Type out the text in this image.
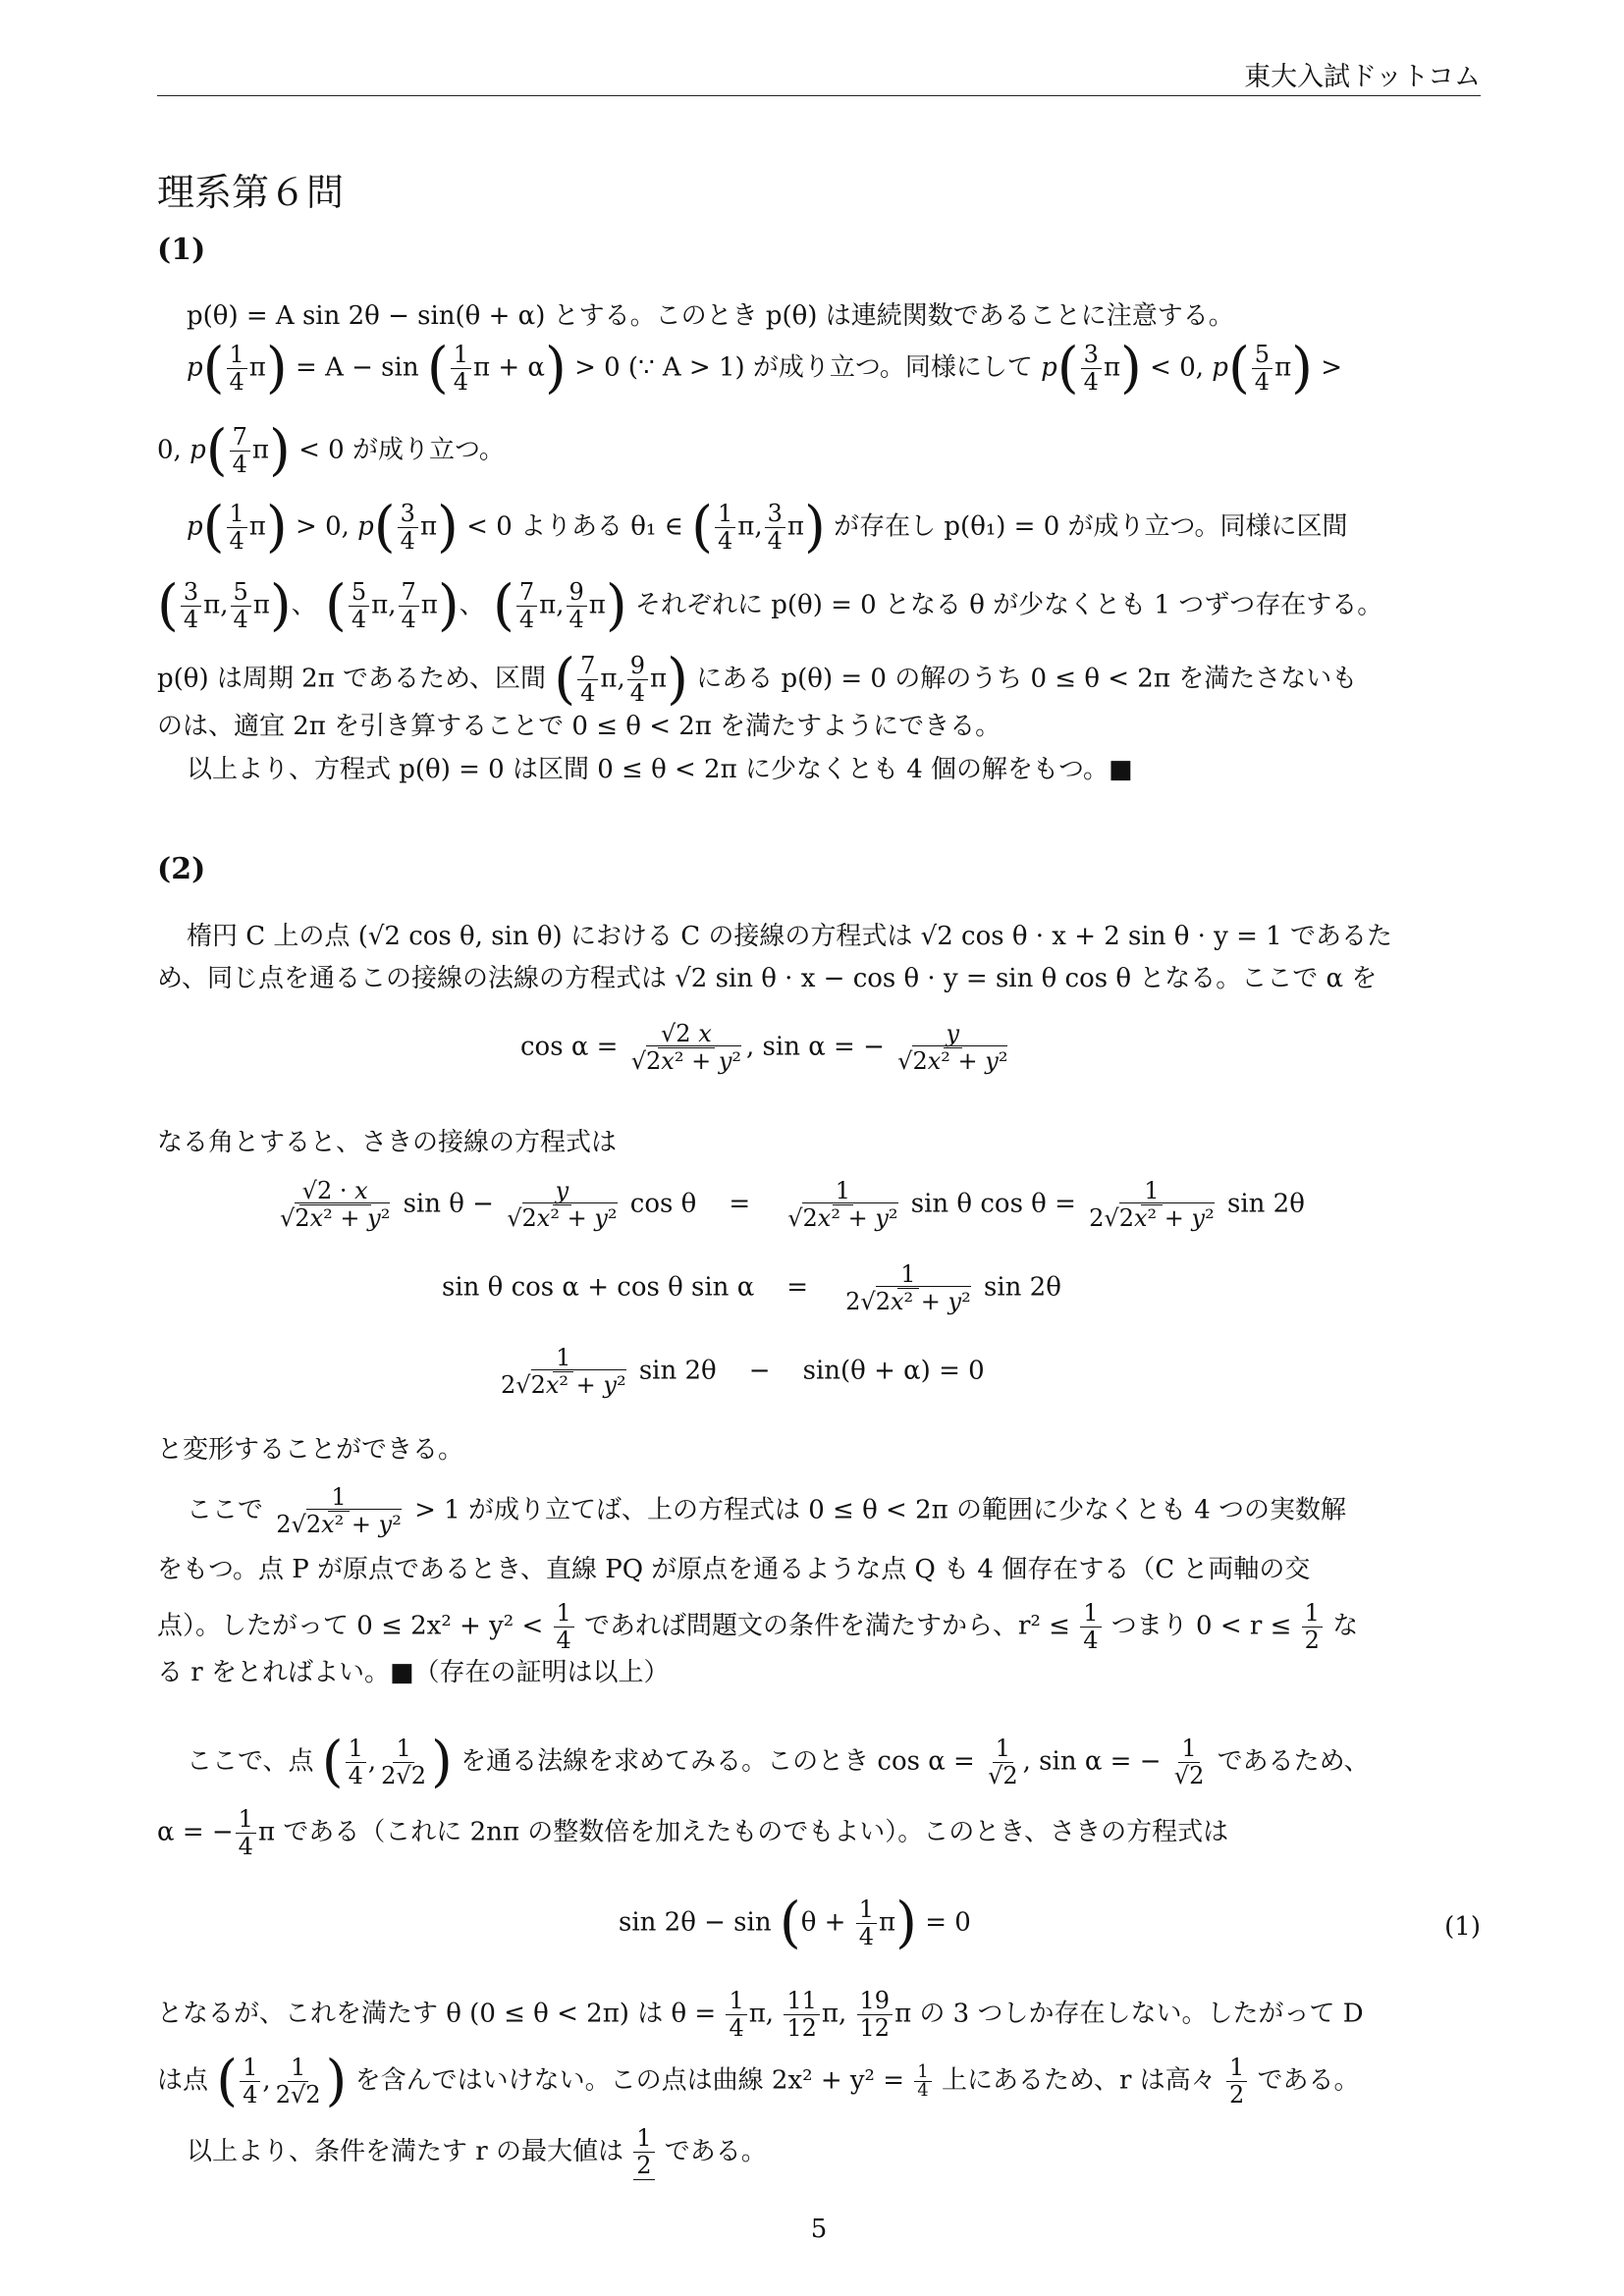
東大入試ドットコム
理系第６問
(1)
p(θ) = A sin 2θ − sin(θ + α) とする。このとき p(θ) は連続関数であることに注意する。
$p( \frac{1}{4} \pi) = A - \sin$ ( $\frac{1}{4}$ π + α) > 0 (∵ A > 1) が成り立つ。同様にして $p( \frac{3}{4} \pi) < 0$, $p( \frac{5}{4} \pi)$ >
0, $p( \frac{7}{4} \pi) < 0$ が成り立つ。
$p( \frac{1}{4} \pi) > 0$, $p( \frac{3}{4} \pi) < 0$ よりある θ₁ ∈ ( $\frac{1}{4} \pi$, $\frac{3}{4} \pi$) が存在し p(θ₁) = 0 が成り立つ。同様に区間
( $\frac{3}{4} \pi$, $\frac{5}{4} \pi$)、 ( $\frac{5}{4} \pi$, $\frac{7}{4} \pi$)、 ( $\frac{7}{4} \pi$, $\frac{9}{4} \pi$) それぞれに p(θ) = 0 となる θ が少なくとも 1 つずつ存在する。
p(θ) は周期 2π であるため、区間 ( $\frac{7}{4} \pi$, $\frac{9}{4} \pi$) にある p(θ) = 0 の解のうち 0 ≤ θ < 2π を満たさないも
のは、適宜 2π を引き算することで 0 ≤ θ < 2π を満たすようにできる。
以上より、方程式 p(θ) = 0 は区間 0 ≤ θ < 2π に少なくとも 4 個の解をもつ。■
(2)
楕円 C 上の点 (√2 cos θ, sin θ) における C の接線の方程式は √2 cos θ · x + 2 sin θ · y = 1 であるた
め、同じ点を通るこの接線の法線の方程式は √2 sin θ · x − cos θ · y = sin θ cos θ となる。ここで α を
$\cos \alpha = \frac{√2 x}{\text{√2x² + y²}}$ , sin α = − $\frac{y}{\text{√2x² + y²}}$
なる角とすると、さきの接線の方程式は
$\frac{√2 \cdot x}{\text{√2x² + y²}}$ $\sin \theta - \frac{y}{\text{√2x² + y²}}$ cos θ    = $\frac{1}{\text{√2x² + y²}}$ sin θ $\cos \theta = \frac{1}{\text{2√2x² + y²}}$ sin 2θ
sin θ cos α + cos θ sin α    = $\frac{1}{\text{2√2x² + y²}}$ sin 2θ
$\frac{1}{\text{2√2x² + y²}}$ sin 2θ    −    sin(θ + α) = 0
と変形することができる。
ここで $\frac{1}{\text{2√2x² + y²}} > 1$ が成り立てば、上の方程式は 0 ≤ θ < 2π の範囲に少なくとも 4 つの実数解
をもつ。点 P が原点であるとき、直線 PQ が原点を通るような点 Q も 4 個存在する（C と両軸の交
点）。したがって $0 \le 2x^2 + y^2 < \frac{1}{4}$ であれば問題文の条件を満たすから、$r^2 \le \frac{1}{4}$ つまり $0 < r \le \frac{1}{2}$ な
る r をとればよい。■（存在の証明は以上）
ここで、点 ( $\frac{1}{4}$ , $\frac{1}{2√2}$ ) を通る法線を求めてみる。このとき $\cos \alpha = \frac{1}{√2}$ , sin α = − $\frac{1}{√2}$ であるため、
α = − $\frac{1}{4}$ π である（これに 2nπ の整数倍を加えたものでもよい）。このとき、さきの方程式は
$\sin 2\theta - \sin (\theta + \frac{1}{4} \pi) = 0$	(1)
となるが、これを満たす θ (0 ≤ θ < 2π) は $\theta = \frac{1}{4} \pi$, $\frac{11}{12} \pi$, $\frac{19}{12}$ π の 3 つしか存在しない。したがって D
は点 ( $\frac{1}{4}$ , $\frac{1}{2√2}$ ) を含んではいけない。この点は曲線 $2x^2 + y^2 = \frac{1}{4}$ 上にあるため、r は高々 $\frac{1}{2}$ である。
以上より、条件を満たす r の最大値は $\frac{1}{2}$ である。
5
